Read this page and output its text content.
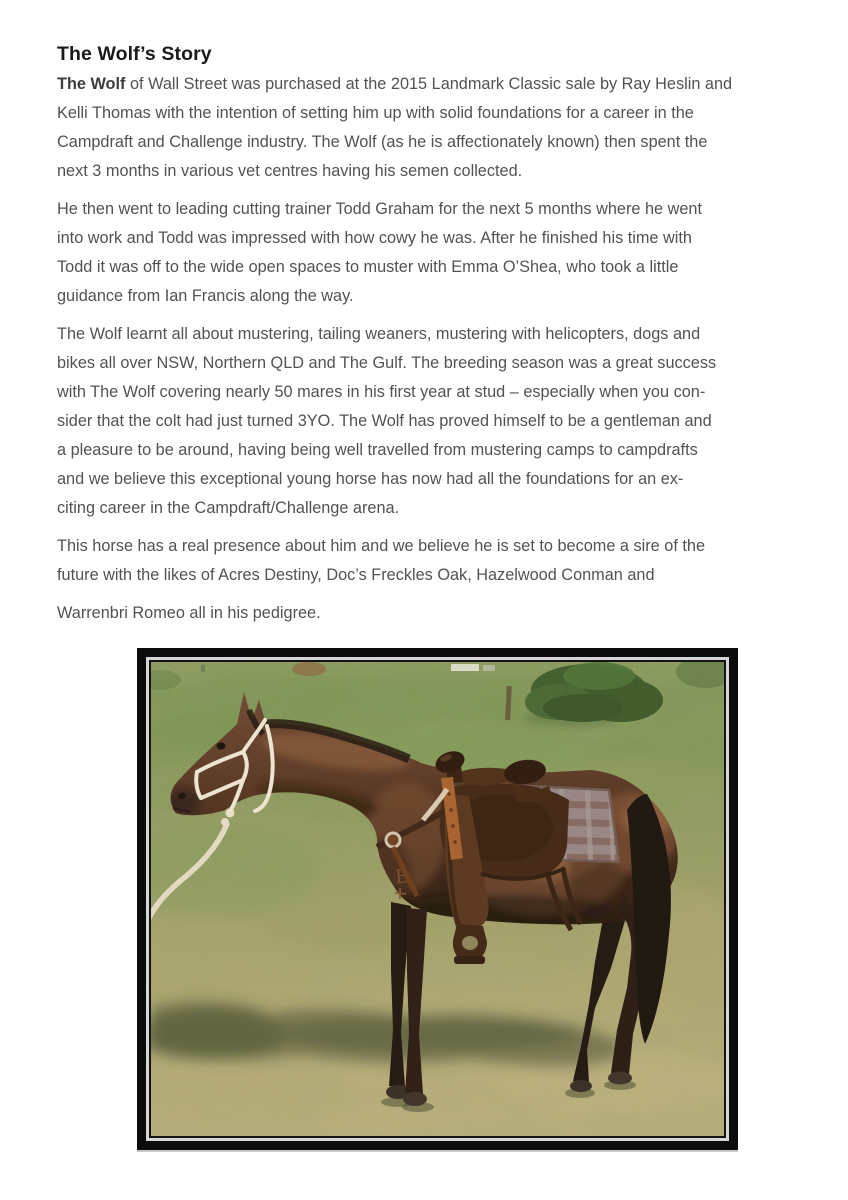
The Wolf’s Story

The Wolf of Wall Street was purchased at the 2015 Landmark Classic sale by Ray Heslin and
Kelli Thomas with the intention of setting him up with solid foundations for a career in the
Campdraft and Challenge industry. The Wolf (as he is affectionately known) then spent the
next 3 months in various vet centres having his semen collected.

He then went to leading cutting trainer Todd Graham for the next 5 months where he went
into work and Todd was impressed with how cowy he was. After he finished his time with
Todd it was off to the wide open spaces to muster with Emma O’Shea, who took a little
guidance from Ian Francis along the way.

The Wolf learnt all about mustering, tailing weaners, mustering with helicopters, dogs and
bikes all over NSW, Northern QLD and The Gulf. The breeding season was a great success
with The Wolf covering nearly 50 mares in his first year at stud – especially when you con-
sider that the colt had just turned 3YO. The Wolf has proved himself to be a gentleman and
a pleasure to be around, having being well travelled from mustering camps to campdrafts
and we believe this exceptional young horse has now had all the foundations for an ex-
citing career in the Campdraft/Challenge arena.

This horse has a real presence about him and we believe he is set to become a sire of the
future with the likes of Acres Destiny, Doc’s Freckles Oak, Hazelwood Conman and

Warrenbri Romeo all in his pedigree.

B
